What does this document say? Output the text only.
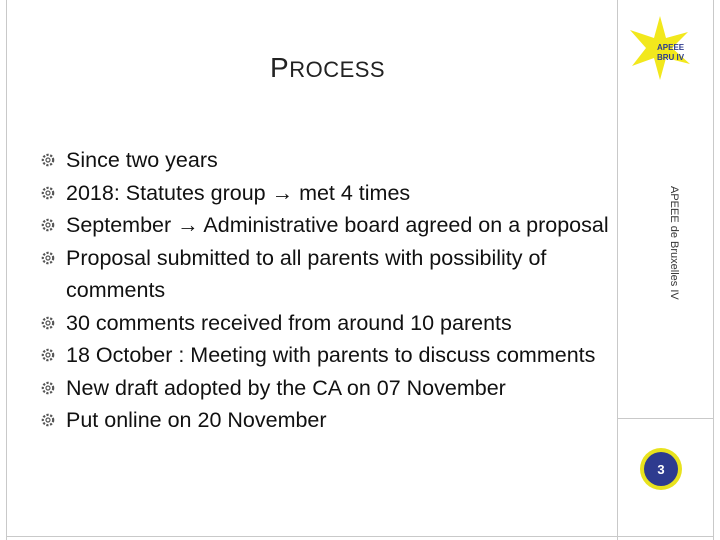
PROCESS
APEEE
BRU IV
APEEE de Bruxelles IV
3
Since two years
2018: Statutes group → met 4 times
September → Administrative board agreed on a proposal
Proposal submitted to all parents with possibility of comments
30 comments received from around 10 parents
18 October : Meeting with parents to discuss comments
New draft adopted by the CA on 07 November
Put online on 20 November
